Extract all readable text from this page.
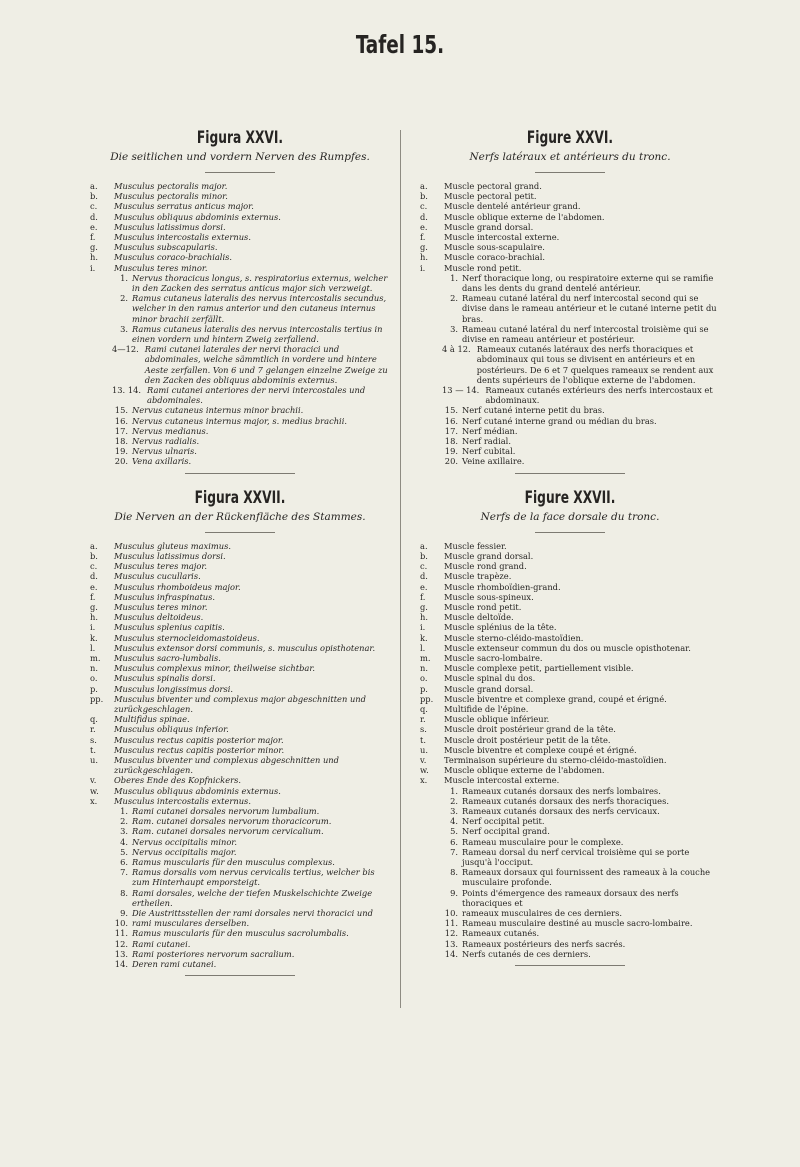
Tafel 15.
Figura XXVI.

Die seitlichen und vordern Nerven des Rumpfes.

a.	Musculus pectoralis major.
b.	Musculus pectoralis minor.
c.	Musculus serratus anticus major.
d.	Musculus obliquus abdominis externus.
e.	Musculus latissimus dorsi.
f.	Musculus intercostalis externus.
g.	Musculus subscapularis.
h.	Musculus coraco-brachialis.
i.	Musculus teres minor.
1. Nervus thoracicus longus, s. respiratorius externus, welcher in den Zacken des serratus anticus major sich verzweigt.
2. Ramus cutaneus lateralis des nervus intercostalis secundus, welcher in den ramus anterior und den cutaneus internus minor brachii zerfällt.
3. Ramus cutaneus lateralis des nervus intercostalis tertius in einen vordern und hintern Zweig zerfallend.
4—12. Rami cutanei laterales der nervi thoracici und abdominales, welche sämmtlich in vordere und hintere Aeste zerfallen. Von 6 und 7 gelangen einzelne Zweige zu den Zacken des obliquus abdominis externus.
13. 14. Rami cutanei anteriores der nervi intercostales und abdominales.
15. Nervus cutaneus internus minor brachii.
16. Nervus cutaneus internus major, s. medius brachii.
17. Nervus medianus.
18. Nervus radialis.
19. Nervus ulnaris.
20. Vena axillaris.
Figura XXVII.

Die Nerven an der Rückenfläche des Stammes.

a.	Musculus gluteus maximus.
b.	Musculus latissimus dorsi.
c.	Musculus teres major.
d.	Musculus cucullaris.
e.	Musculus rhomboideus major.
f.	Musculus infraspinatus.
g.	Musculus teres minor.
h.	Musculus deltoideus.
i.	Musculus splenius capitis.
k.	Musculus sternocleidomastoideus.
l.	Musculus extensor dorsi communis, s. musculus opisthotenar.
m.	Musculus sacro-lumbalis.
n.	Musculus complexus minor, theilweise sichtbar.
o.	Musculus spinalis dorsi.
p.	Musculus longissimus dorsi.
pp.	Musculus biventer und complexus major abgeschnitten und zurückgeschlagen.
q.	Multifidus spinae.
r.	Musculus obliquus inferior.
s.	Musculus rectus capitis posterior major.
t.	Musculus rectus capitis posterior minor.
u.	Musculus biventer und complexus abgeschnitten und zurückgeschlagen.
v.	Oberes Ende des Kopfnickers.
w.	Musculus obliquus abdominis externus.
x.	Musculus intercostalis externus.
1. Rami cutanei dorsales nervorum lumbalium.
2. Ram. cutanei dorsales nervorum thoracicorum.
3. Ram. cutanei dorsales nervorum cervicalium.
4. Nervus occipitalis minor.
5. Nervus occipitalis major.
6. Ramus muscularis für den musculus complexus.
7. Ramus dorsalis vom nervus cervicalis tertius, welcher bis zum Hinterhaupt emporsteigt.
8. Rami dorsales, welche der tiefen Muskelschichte Zweige ertheilen.
9. Die Austrittsstellen der rami dorsales nervi thoracici und
10. rami musculares derselben.
11. Ramus muscularis für den musculus sacrolumbalis.
12. Rami cutanei.
13. Rami posteriores nervorum sacralium.
14. Deren rami cutanei.
Figure XXVI.

Nerfs latéraux et antérieurs du tronc.

a.	Muscle pectoral grand.
b.	Muscle pectoral petit.
c.	Muscle dentelé antérieur grand.
d.	Muscle oblique externe de l'abdomen.
e.	Muscle grand dorsal.
f.	Muscle intercostal externe.
g.	Muscle sous-scapulaire.
h.	Muscle coraco-brachial.
i.	Muscle rond petit.
1. Nerf thoracique long, ou respiratoire externe qui se ramifie dans les dents du grand dentelé antérieur.
2. Rameau cutané latéral du nerf intercostal second qui se divise dans le rameau antérieur et le cutané interne petit du bras.
3. Rameau cutané latéral du nerf intercostal troisième qui se divise en rameau antérieur et postérieur.
4 à 12. Rameaux cutanés latéraux des nerfs thoraciques et abdominaux qui tous se divisent en antérieurs et en postérieurs. De 6 et 7 quelques rameaux se rendent aux dents supérieurs de l'oblique externe de l'abdomen.
13 — 14. Rameaux cutanés extérieurs des nerfs intercostaux et abdominaux.
15. Nerf cutané interne petit du bras.
16. Nerf cutané interne grand ou médian du bras.
17. Nerf médian.
18. Nerf radial.
19. Nerf cubital.
20. Veine axillaire.
Figure XXVII.

Nerfs de la face dorsale du tronc.

a.	Muscle fessier.
b.	Muscle grand dorsal.
c.	Muscle rond grand.
d.	Muscle trapèze.
e.	Muscle rhomboïdien-grand.
f.	Muscle sous-spineux.
g.	Muscle rond petit.
h.	Muscle deltoïde.
i.	Muscle splénius de la tête.
k.	Muscle sterno-cléido-mastoïdien.
l.	Muscle extenseur commun du dos ou muscle opisthotenar.
m.	Muscle sacro-lombaire.
n.	Muscle complexe petit, partiellement visible.
o.	Muscle spinal du dos.
p.	Muscle grand dorsal.
pp.	Muscle biventre et complexe grand, coupé et érigné.
q.	Multifide de l'épine.
r.	Muscle oblique inférieur.
s.	Muscle droit postérieur grand de la tête.
t.	Muscle droit postérieur petit de la tête.
u.	Muscle biventre et complexe coupé et érigné.
v.	Terminaison supérieure du sterno-cléido-mastoïdien.
w.	Muscle oblique externe de l'abdomen.
x.	Muscle intercostal externe.
1. Rameaux cutanés dorsaux des nerfs lombaires.
2. Rameaux cutanés dorsaux des nerfs thoraciques.
3. Rameaux cutanés dorsaux des nerfs cervicaux.
4. Nerf occipital petit.
5. Nerf occipital grand.
6. Rameau musculaire pour le complexe.
7. Rameau dorsal du nerf cervical troisième qui se porte jusqu'à l'occiput.
8. Rameaux dorsaux qui fournissent des rameaux à la couche musculaire profonde.
9. Points d'émergence des rameaux dorsaux des nerfs thoraciques et
10. rameaux musculaires de ces derniers.
11. Rameau musculaire destiné au muscle sacro-lombaire.
12. Rameaux cutanés.
13. Rameaux postérieurs des nerfs sacrés.
14. Nerfs cutanés de ces derniers.
